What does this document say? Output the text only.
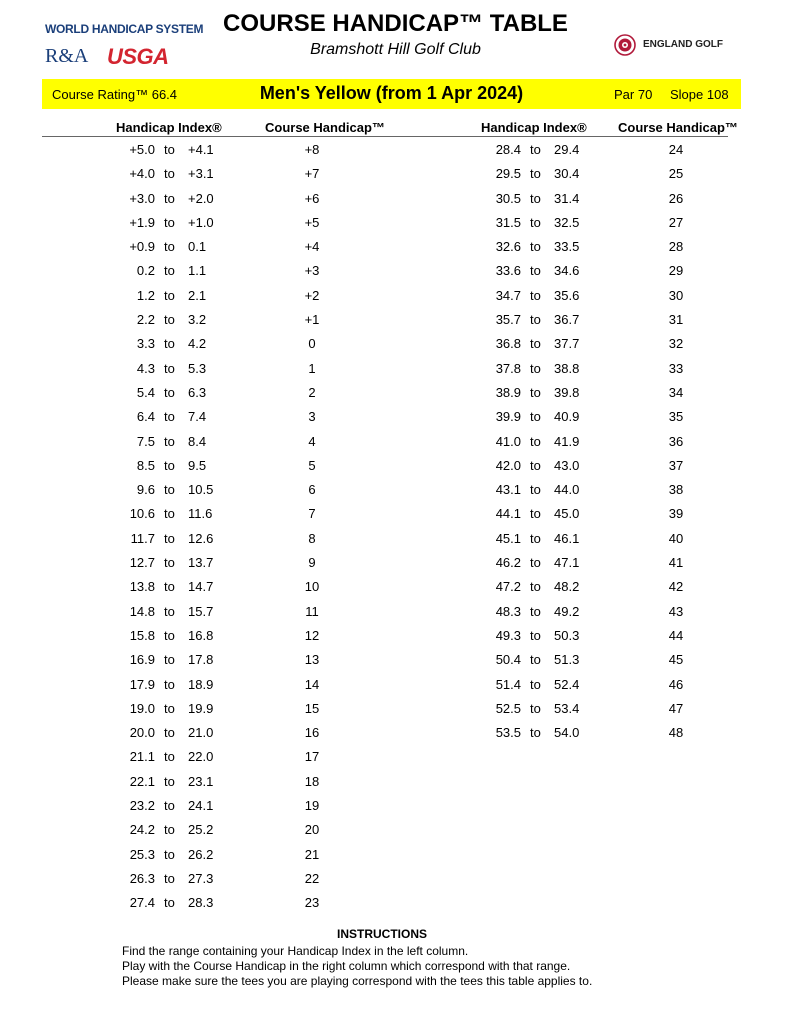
WORLD HANDICAP SYSTEM
R&A USGA
COURSE HANDICAP™ TABLE
Bramshott Hill Golf Club	ENGLAND GOLF
Course Rating™ 66.4	Men's Yellow (from 1 Apr 2024)	Par 70 Slope 108
Handicap Index®	Course Handicap™	Handicap Index® Course Handicap™
+5.0 to +4.1	+8
+4.0 to +3.1	+7
+3.0 to +2.0	+6
+1.9 to +1.0	+5
+0.9 to 0.1	+4
0.2 to 1.1	+3
1.2 to 2.1	+2
2.2 to 3.2	+1
3.3 to 4.2	0
4.3 to 5.3	1
5.4 to 6.3	2
6.4 to 7.4	3
7.5 to 8.4	4
8.5 to 9.5	5
9.6 to 10.5	6
10.6 to 11.6	7
11.7 to 12.6	8
12.7 to 13.7	9
13.8 to 14.7	10
14.8 to 15.7	11
15.8 to 16.8	12
16.9 to 17.8	13
17.9 to 18.9	14
19.0 to 19.9	15
20.0 to 21.0	16
21.1 to 22.0	17
22.1 to 23.1	18
23.2 to 24.1	19
24.2 to 25.2	20
25.3 to 26.2	21
26.3 to 27.3	22
27.4 to 28.3	23
28.4 to 29.4	24
29.5 to 30.4	25
30.5 to 31.4	26
31.5 to 32.5	27
32.6 to 33.5	28
33.6 to 34.6	29
34.7 to 35.6	30
35.7 to 36.7	31
36.8 to 37.7	32
37.8 to 38.8	33
38.9 to 39.8	34
39.9 to 40.9	35
41.0 to 41.9	36
42.0 to 43.0	37
43.1 to 44.0	38
44.1 to 45.0	39
45.1 to 46.1	40
46.2 to 47.1	41
47.2 to 48.2	42
48.3 to 49.2	43
49.3 to 50.3	44
50.4 to 51.3	45
51.4 to 52.4	46
52.5 to 53.4	47
53.5 to 54.0	48
INSTRUCTIONS
Find the range containing your Handicap Index in the left column.
Play with the Course Handicap in the right column which correspond with that range.
Please make sure the tees you are playing correspond with the tees this table applies to.
